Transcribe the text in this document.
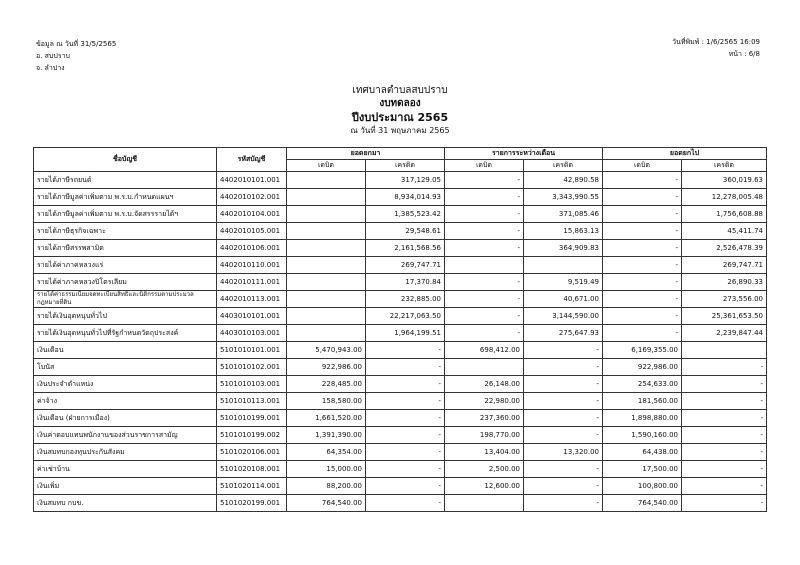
ข้อมูล ณ วันที่ 31/5/2565
อ. สบปราบ
จ. ลำปาง
วันที่พิมพ์ : 1/6/2565 16:09
หน้า : 6/8
เทศบาลตำบลสบปราบ
งบทดลอง
ปีงบประมาณ 2565
ณ วันที่ 31 พฤษภาคม 2565
ชื่อบัญชี	รหัสบัญชี	ยอดยกมา		รายการระหว่างเดือน		ยอดยกไป	
		เดบิต	เครดิต	เดบิต	เครดิต	เดบิต	เครดิต
รายได้ภาษีรถยนต์	4402010101.001		317,129.05	-	42,890.58	-	360,019.63
รายได้ภาษีมูลค่าเพิ่มตาม พ.ร.บ.กำหนดแผนฯ	4402010102.001		8,934,014.93	-	3,343,990.55	-	12,278,005.48
รายได้ภาษีมูลค่าเพิ่มตาม พ.ร.บ.จัดสรรรายได้ฯ	4402010104.001		1,385,523.42	-	371,085.46	-	1,756,608.88
รายได้ภาษีธุรกิจเฉพาะ	4402010105.001		29,548.61	-	15,863.13	-	45,411.74
รายได้ภาษีสรรพสามิต	4402010106.001		2,161,568.56	-	364,909.83	-	2,526,478.39
รายได้ค่าภาคหลวงแร่	4402010110.001		269,747.71			-	269,747.71
รายได้ค่าภาคหลวงปิโตรเลียม	4402010111.001		17,370.84	-	9,519.49	-	26,890.33
รายได้ค่าธรรมเนียมจดทะเบียนสิทธิและนิติกรรมตามประมวลกฎหมายที่ดิน	4402010113.001		232,885.00	-	40,671.00	-	273,556.00
รายได้เงินอุดหนุนทั่วไป	4403010101.001		22,217,063.50	-	3,144,590.00	-	25,361,653.50
รายได้เงินอุดหนุนทั่วไปที่รัฐกำหนดวัตถุประสงค์	4403010103.001		1,964,199.51	-	275,647.93	-	2,239,847.44
เงินเดือน	5101010101.001	5,470,943.00	-	698,412.00	-	6,169,355.00	
โบนัส	5101010102.001	922,986.00	-		-	922,986.00	-
เงินประจำตำแหน่ง	5101010103.001	228,485.00	-	26,148.00	-	254,633.00	-
ค่าจ้าง	5101010113.001	158,580.00	-	22,980.00	-	181,560.00	-
เงินเดือน (ฝ่ายการเมือง)	5101010199.001	1,661,520.00	-	237,360.00	-	1,898,880.00	-
เงินค่าตอบแทนพนักงานของส่วนราชการสามัญ	5101010199.002	1,391,390.00	-	198,770.00	-	1,590,160.00	-
เงินสมทบกองทุนประกันสังคม	5101020106.001	64,354.00	-	13,404.00	13,320.00	64,438.00	-
ค่าเช่าบ้าน	5101020108.001	15,000.00	-	2,500.00	-	17,500.00	-
เงินเพิ่ม	5101020114.001	88,200.00	-	12,600.00	-	100,800.00	-
เงินสมทบ กบข.	5101020199.001	764,540.00	-		-	764,540.00	-
